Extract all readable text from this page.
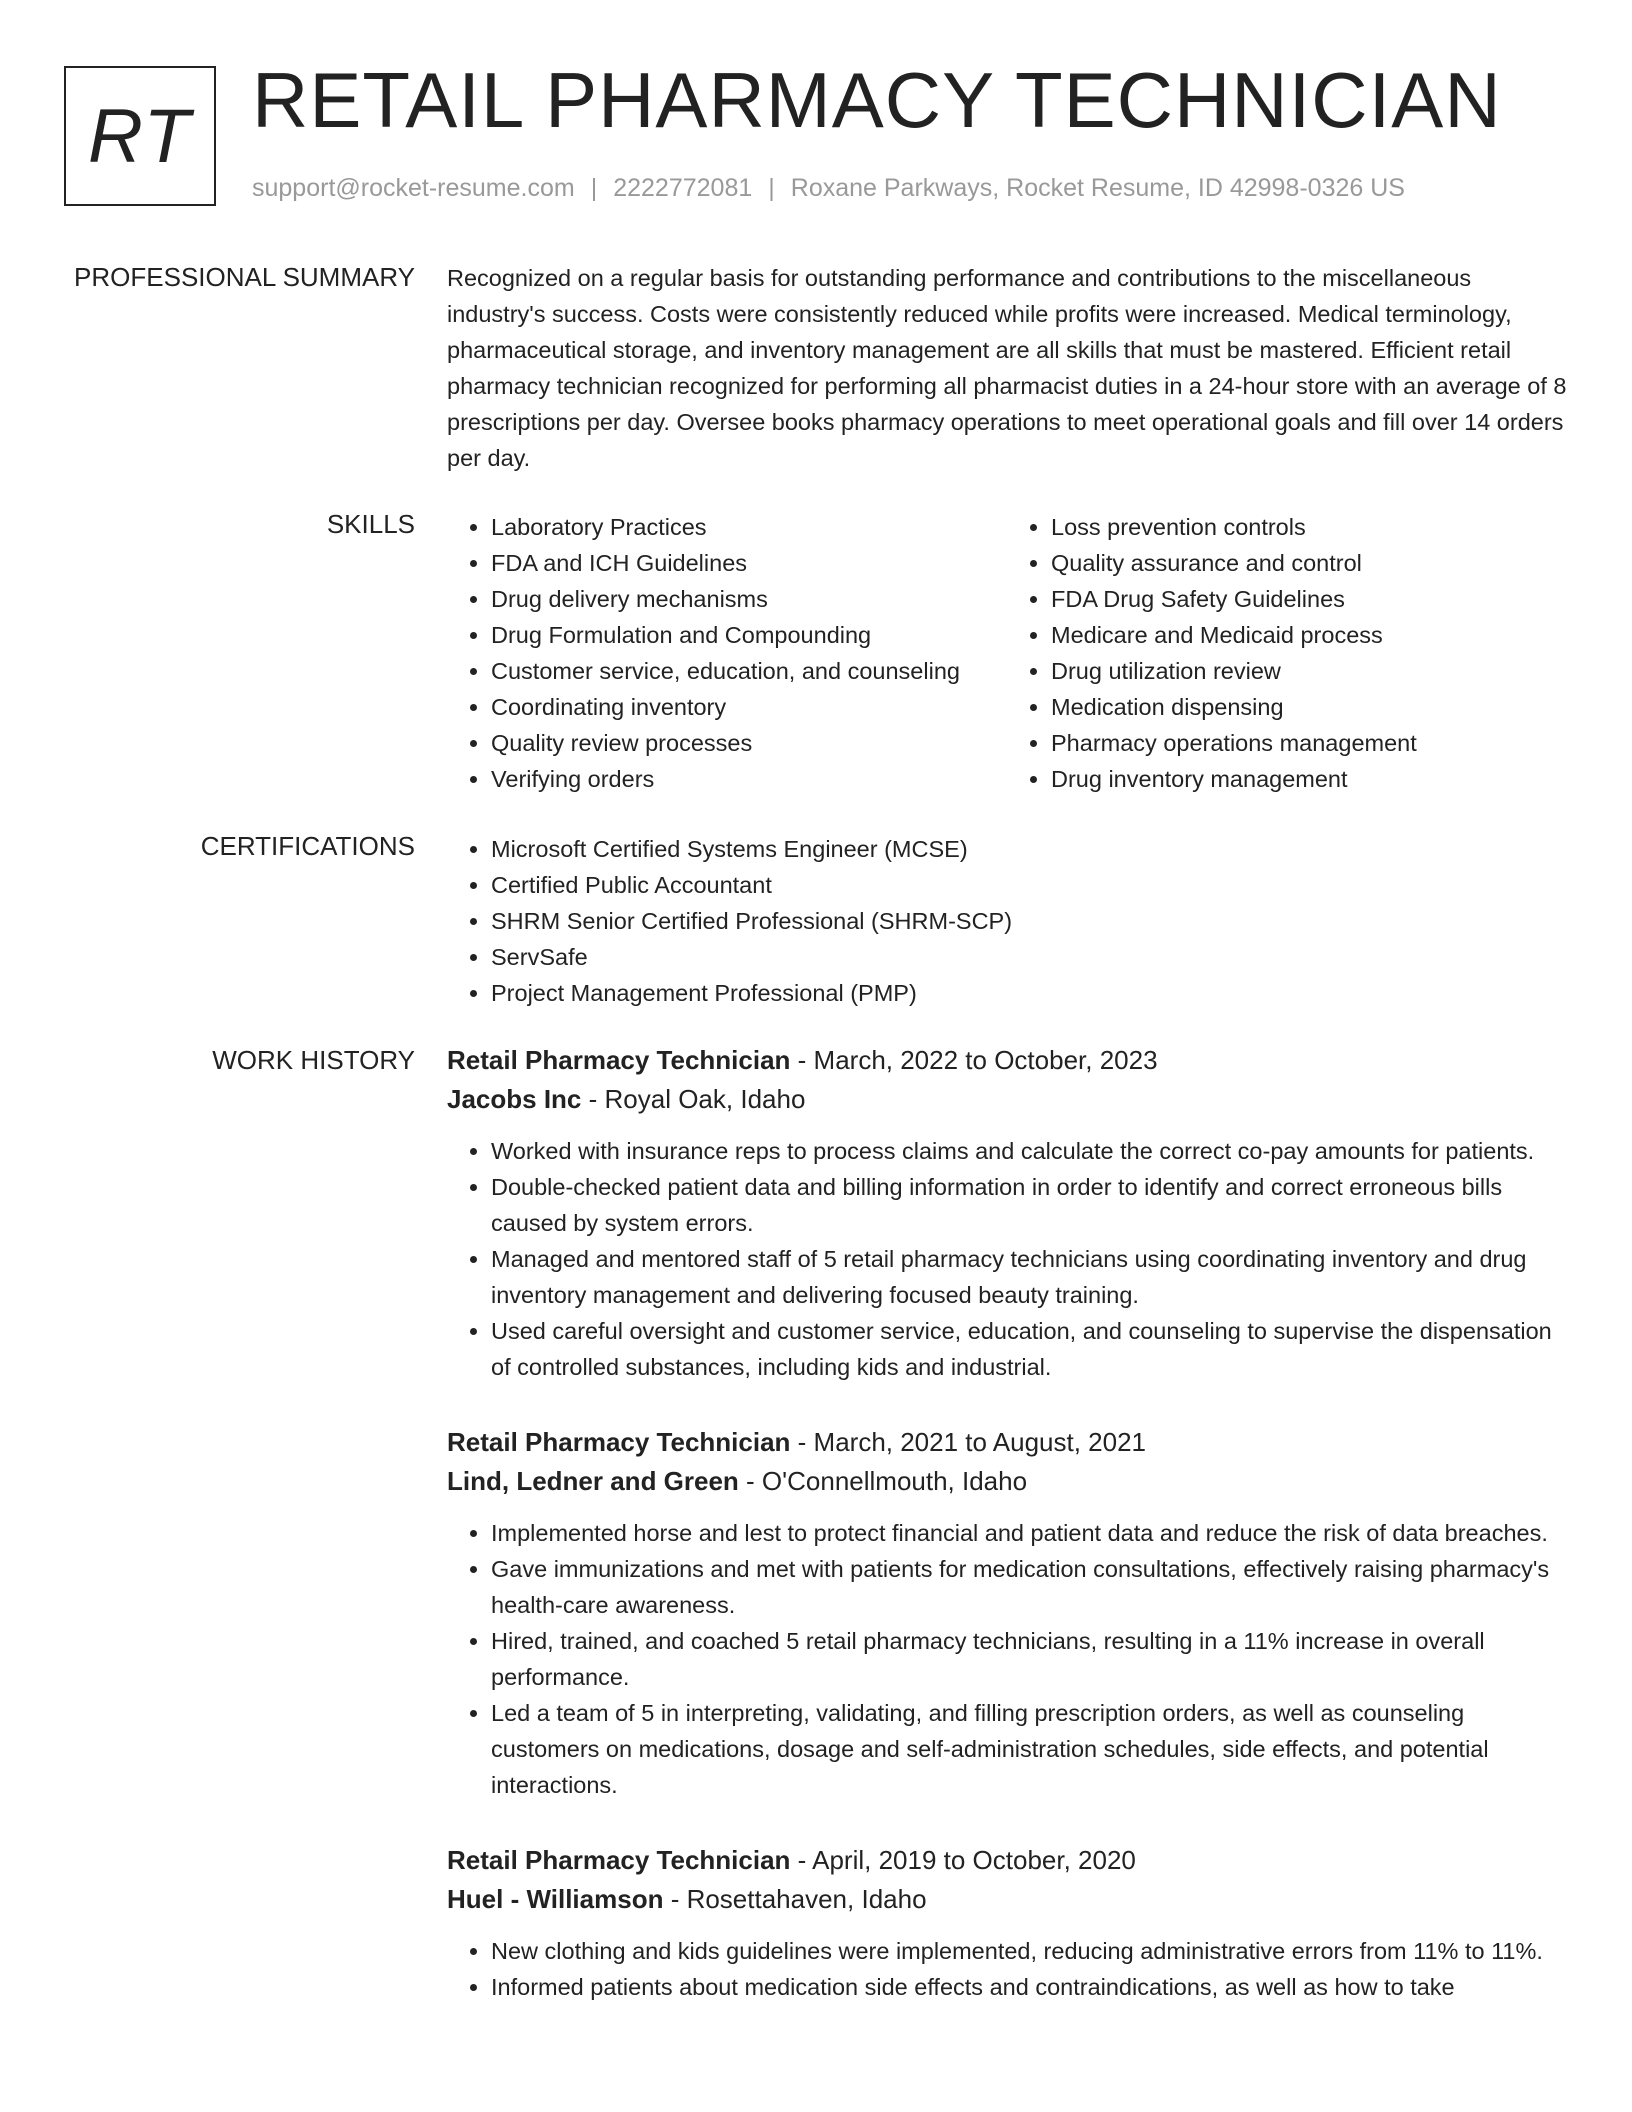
RT RETAIL PHARMACY TECHNICIAN
support@rocket-resume.com | 2222772081 | Roxane Parkways, Rocket Resume, ID 42998-0326 US
PROFESSIONAL SUMMARY Recognized on a regular basis for outstanding performance and contributions to the miscellaneous industry's success. Costs were consistently reduced while profits were increased. Medical terminology, pharmaceutical storage, and inventory management are all skills that must be mastered. Efficient retail pharmacy technician recognized for performing all pharmacist duties in a 24-hour store with an average of 8 prescriptions per day. Oversee books pharmacy operations to meet operational goals and fill over 14 orders per day.
SKILLS	• Laboratory Practices
• FDA and ICH Guidelines
• Drug delivery mechanisms
• Drug Formulation and Compounding
• Customer service, education, and counseling
• Coordinating inventory
• Quality review processes
• Verifying orders
• Loss prevention controls
• Quality assurance and control
• FDA Drug Safety Guidelines
• Medicare and Medicaid process
• Drug utilization review
• Medication dispensing
• Pharmacy operations management
• Drug inventory management
CERTIFICATIONS	• Microsoft Certified Systems Engineer (MCSE)
• Certified Public Accountant
• SHRM Senior Certified Professional (SHRM-SCP)
• ServSafe
• Project Management Professional (PMP)
WORK HISTORY Retail Pharmacy Technician - March, 2022 to October, 2023
Jacobs Inc - Royal Oak, Idaho
• Worked with insurance reps to process claims and calculate the correct co-pay amounts for patients.
• Double-checked patient data and billing information in order to identify and correct erroneous bills caused by system errors.
• Managed and mentored staff of 5 retail pharmacy technicians using coordinating inventory and drug inventory management and delivering focused beauty training.
• Used careful oversight and customer service, education, and counseling to supervise the dispensation of controlled substances, including kids and industrial.
Retail Pharmacy Technician - March, 2021 to August, 2021
Lind, Ledner and Green - O'Connellmouth, Idaho
• Implemented horse and lest to protect financial and patient data and reduce the risk of data breaches.
• Gave immunizations and met with patients for medication consultations, effectively raising pharmacy's health-care awareness.
• Hired, trained, and coached 5 retail pharmacy technicians, resulting in a 11% increase in overall performance.
• Led a team of 5 in interpreting, validating, and filling prescription orders, as well as counseling customers on medications, dosage and self-administration schedules, side effects, and potential interactions.
Retail Pharmacy Technician - April, 2019 to October, 2020
Huel - Williamson - Rosettahaven, Idaho
• New clothing and kids guidelines were implemented, reducing administrative errors from 11% to 11%.
• Informed patients about medication side effects and contraindications, as well as how to take
